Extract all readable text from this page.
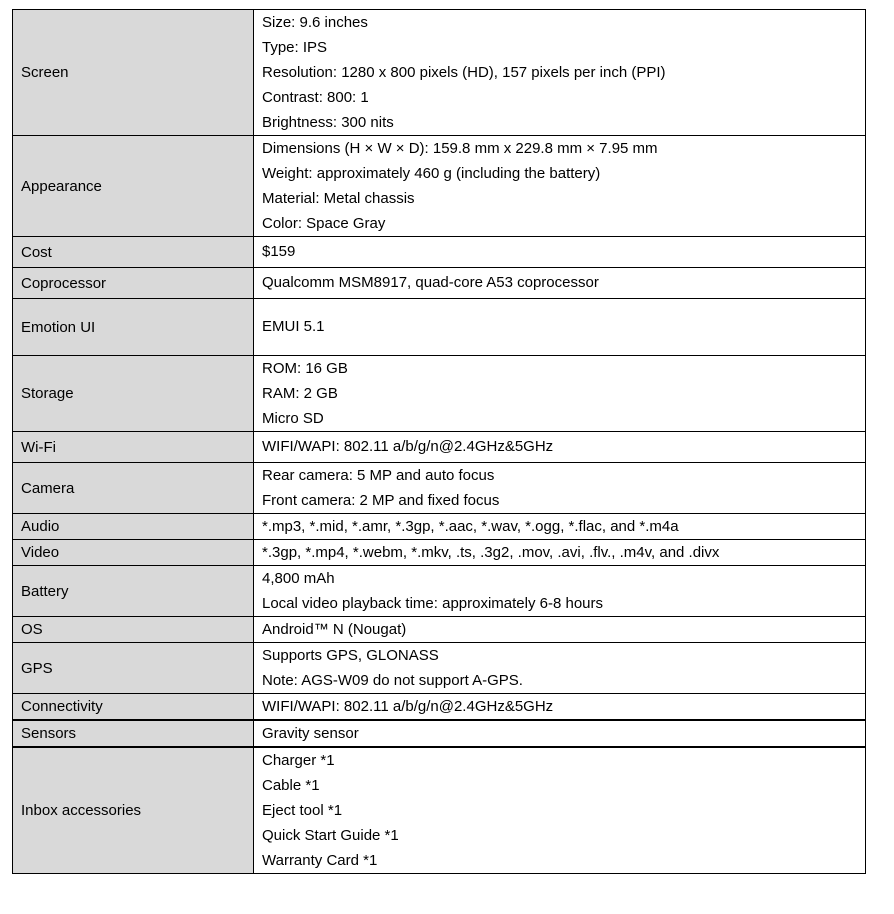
Screen	Size: 9.6 inches
Type: IPS
Resolution: 1280 x 800 pixels (HD), 157 pixels per inch (PPI)
Contrast: 800: 1
Brightness: 300 nits

Appearance	Dimensions (H × W × D): 159.8 mm x 229.8 mm × 7.95 mm
Weight: approximately 460 g (including the battery)
Material: Metal chassis
Color: Space Gray

Cost	$159

Coprocessor	Qualcomm MSM8917, quad-core A53 coprocessor

Emotion UI	EMUI 5.1

Storage	ROM: 16 GB
RAM: 2 GB
Micro SD

Wi-Fi	WIFI/WAPI: 802.11 a/b/g/n@2.4GHz&5GHz

Camera	Rear camera: 5 MP and auto focus
Front camera: 2 MP and fixed focus

Audio	*.mp3, *.mid, *.amr, *.3gp, *.aac, *.wav, *.ogg, *.flac, and *.m4a

Video	*.3gp, *.mp4, *.webm, *.mkv, .ts, .3g2, .mov, .avi, .flv., .m4v, and .divx

Battery	4,800 mAh
Local video playback time: approximately 6-8 hours

OS	Android™ N (Nougat)

GPS	Supports GPS, GLONASS
Note: AGS-W09 do not support A-GPS.

Connectivity	WIFI/WAPI: 802.11 a/b/g/n@2.4GHz&5GHz

Sensors	Gravity sensor

Inbox accessories	Charger *1
Cable *1
Eject tool *1
Quick Start Guide *1
Warranty Card *1
